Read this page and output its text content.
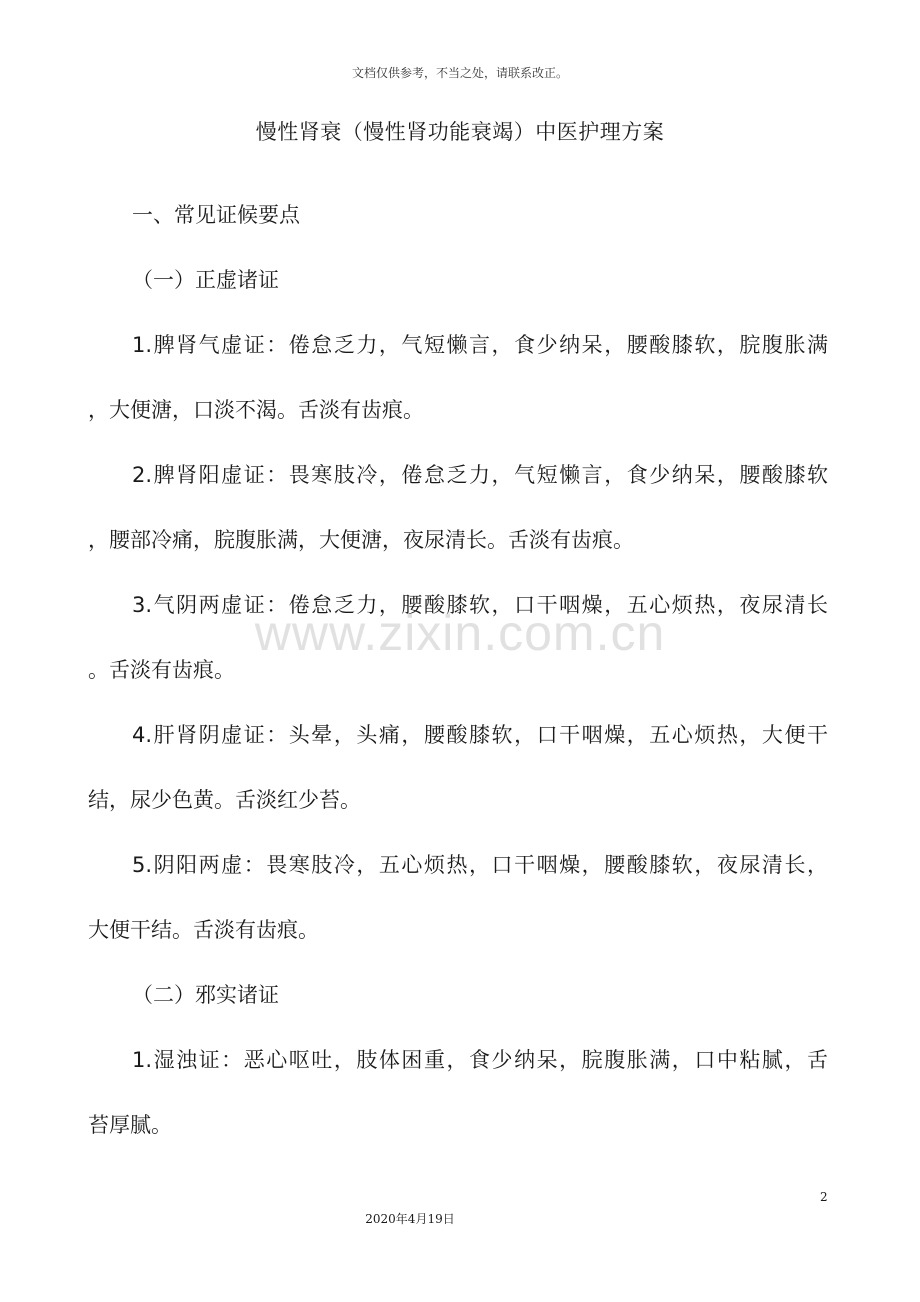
文档仅供参考，不当之处，请联系改正。
慢性肾衰（慢性肾功能衰竭）中医护理方案
www.zixin.com.cn
一、常见证候要点
（一）正虚诸证
1.脾肾气虚证：倦怠乏力，气短懒言，食少纳呆，腰酸膝软，脘腹胀满
，大便溏，口淡不渴。舌淡有齿痕。
2.脾肾阳虚证：畏寒肢冷，倦怠乏力，气短懒言，食少纳呆，腰酸膝软
，腰部冷痛，脘腹胀满，大便溏，夜尿清长。舌淡有齿痕。
3.气阴两虚证：倦怠乏力，腰酸膝软，口干咽燥，五心烦热，夜尿清长
。舌淡有齿痕。
4.肝肾阴虚证：头晕，头痛，腰酸膝软，口干咽燥，五心烦热，大便干
结，尿少色黄。舌淡红少苔。
5.阴阳两虚：畏寒肢冷，五心烦热，口干咽燥，腰酸膝软，夜尿清长，
大便干结。舌淡有齿痕。
（二）邪实诸证
1.湿浊证：恶心呕吐，肢体困重，食少纳呆，脘腹胀满，口中粘腻，舌
苔厚腻。
2
2020年4月19日
